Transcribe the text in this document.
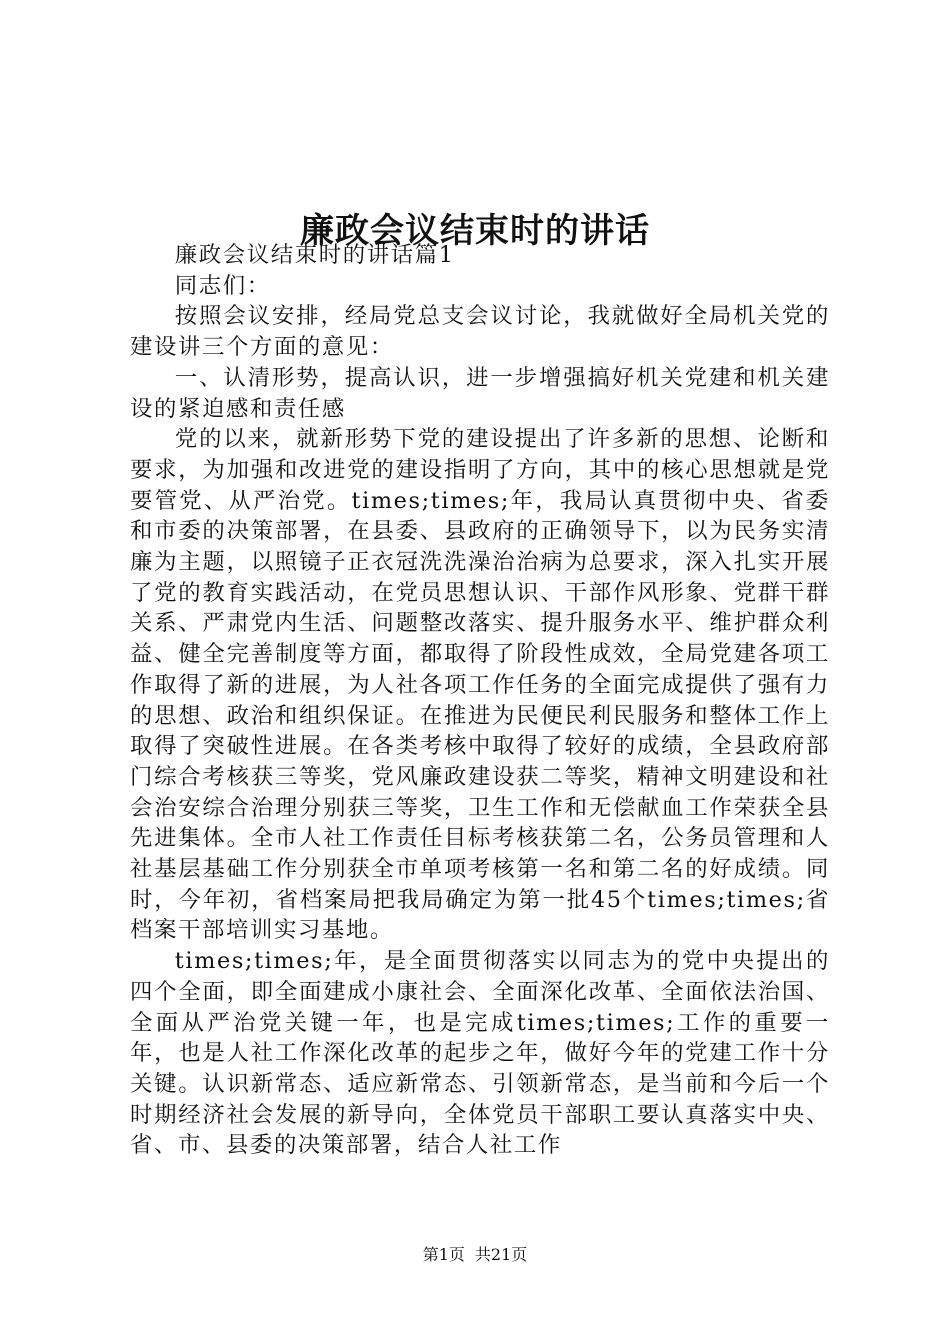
廉政会议结束时的讲话

廉政会议结束时的讲话篇1

同志们：

按照会议安排，经局党总支会议讨论，我就做好全局机关党的建设讲三个方面的意见：

一、认清形势，提高认识，进一步增强搞好机关党建和机关建设的紧迫感和责任感

党的以来，就新形势下党的建设提出了许多新的思想、论断和要求，为加强和改进党的建设指明了方向，其中的核心思想就是党要管党、从严治党。times;times;年，我局认真贯彻中央、省委和市委的决策部署，在县委、县政府的正确领导下，以为民务实清廉为主题，以照镜子正衣冠洗洗澡治治病为总要求，深入扎实开展了党的教育实践活动，在党员思想认识、干部作风形象、党群干群关系、严肃党内生活、问题整改落实、提升服务水平、维护群众利益、健全完善制度等方面，都取得了阶段性成效，全局党建各项工作取得了新的进展，为人社各项工作任务的全面完成提供了强有力的思想、政治和组织保证。在推进为民便民利民服务和整体工作上取得了突破性进展。在各类考核中取得了较好的成绩，全县政府部门综合考核获三等奖，党风廉政建设获二等奖，精神文明建设和社会治安综合治理分别获三等奖，卫生工作和无偿献血工作荣获全县先进集体。全市人社工作责任目标考核获第二名，公务员管理和人社基层基础工作分别获全市单项考核第一名和第二名的好成绩。同时，今年初，省档案局把我局确定为第一批45个times;times;省档案干部培训实习基地。

times;times;年，是全面贯彻落实以同志为的党中央提出的四个全面，即全面建成小康社会、全面深化改革、全面依法治国、全面从严治党关键一年，也是完成times;times;工作的重要一年，也是人社工作深化改革的起步之年，做好今年的党建工作十分关键。认识新常态、适应新常态、引领新常态，是当前和今后一个时期经济社会发展的新导向，全体党员干部职工要认真落实中央、省、市、县委的决策部署，结合人社工作

第1页 共21页
